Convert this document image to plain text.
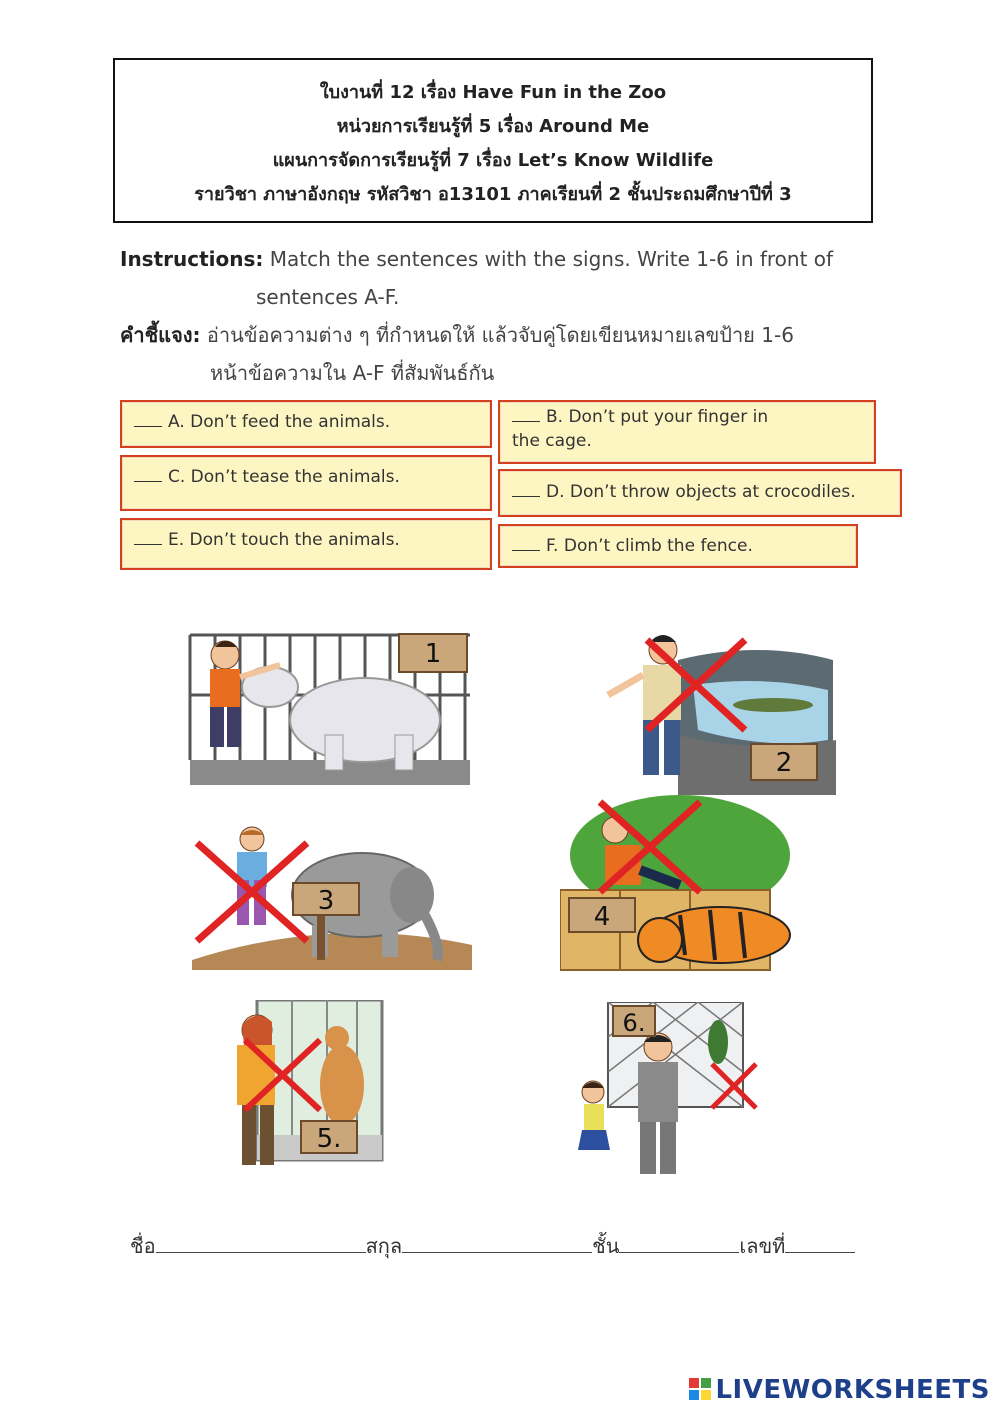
ใบงานที่ 12 เรื่อง Have Fun in the Zoo
หน่วยการเรียนรู้ที่ 5 เรื่อง Around Me
แผนการจัดการเรียนรู้ที่ 7 เรื่อง Let’s Know Wildlife
รายวิชา ภาษาอังกฤษ รหัสวิชา อ13101 ภาคเรียนที่ 2 ชั้นประถมศึกษาปีที่ 3
Instructions: Match the sentences with the signs. Write 1-6 in front of
sentences A-F.
คำชี้แจง: อ่านข้อความต่าง ๆ ที่กำหนดให้ แล้วจับคู่โดยเขียนหมายเลขป้าย 1-6
หน้าข้อความใน A-F ที่สัมพันธ์กัน
A. Don’t feed the animals.	B. Don’t put your finger in
the cage.
C. Don’t tease the animals.
D. Don’t throw objects at crocodiles.
E. Don’t touch the animals.	F. Don’t climb the fence.
1
2
3
4
5.
6.
ชื่อ	สกุล	ชั้น	เลขที่
LIVEWORKSHEETS
